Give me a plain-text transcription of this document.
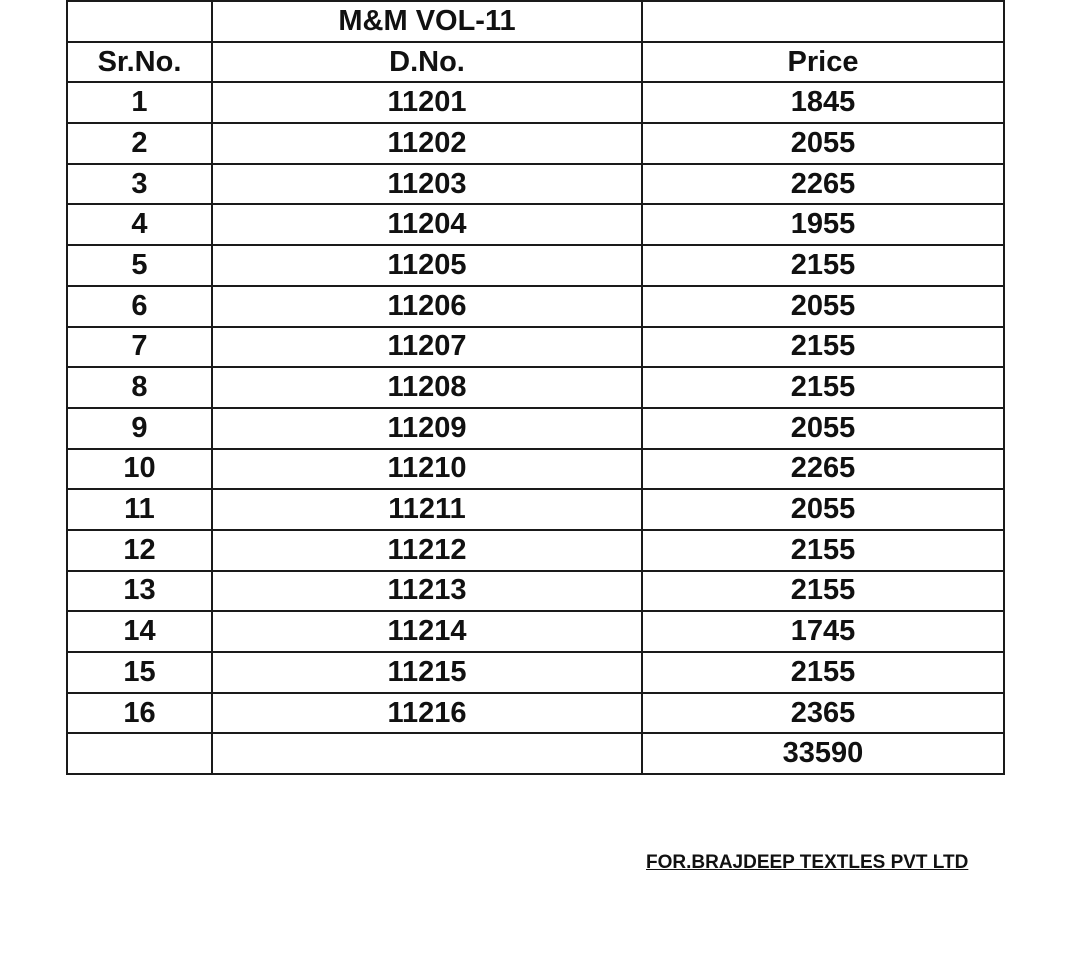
	M&M VOL-11	
Sr.No.	D.No.	Price
1	11201	1845
2	11202	2055
3	11203	2265
4	11204	1955
5	11205	2155
6	11206	2055
7	11207	2155
8	11208	2155
9	11209	2055
10	11210	2265
11	11211	2055
12	11212	2155
13	11213	2155
14	11214	1745
15	11215	2155
16	11216	2365
		33590
FOR.BRAJDEEP TEXTLES PVT LTD
